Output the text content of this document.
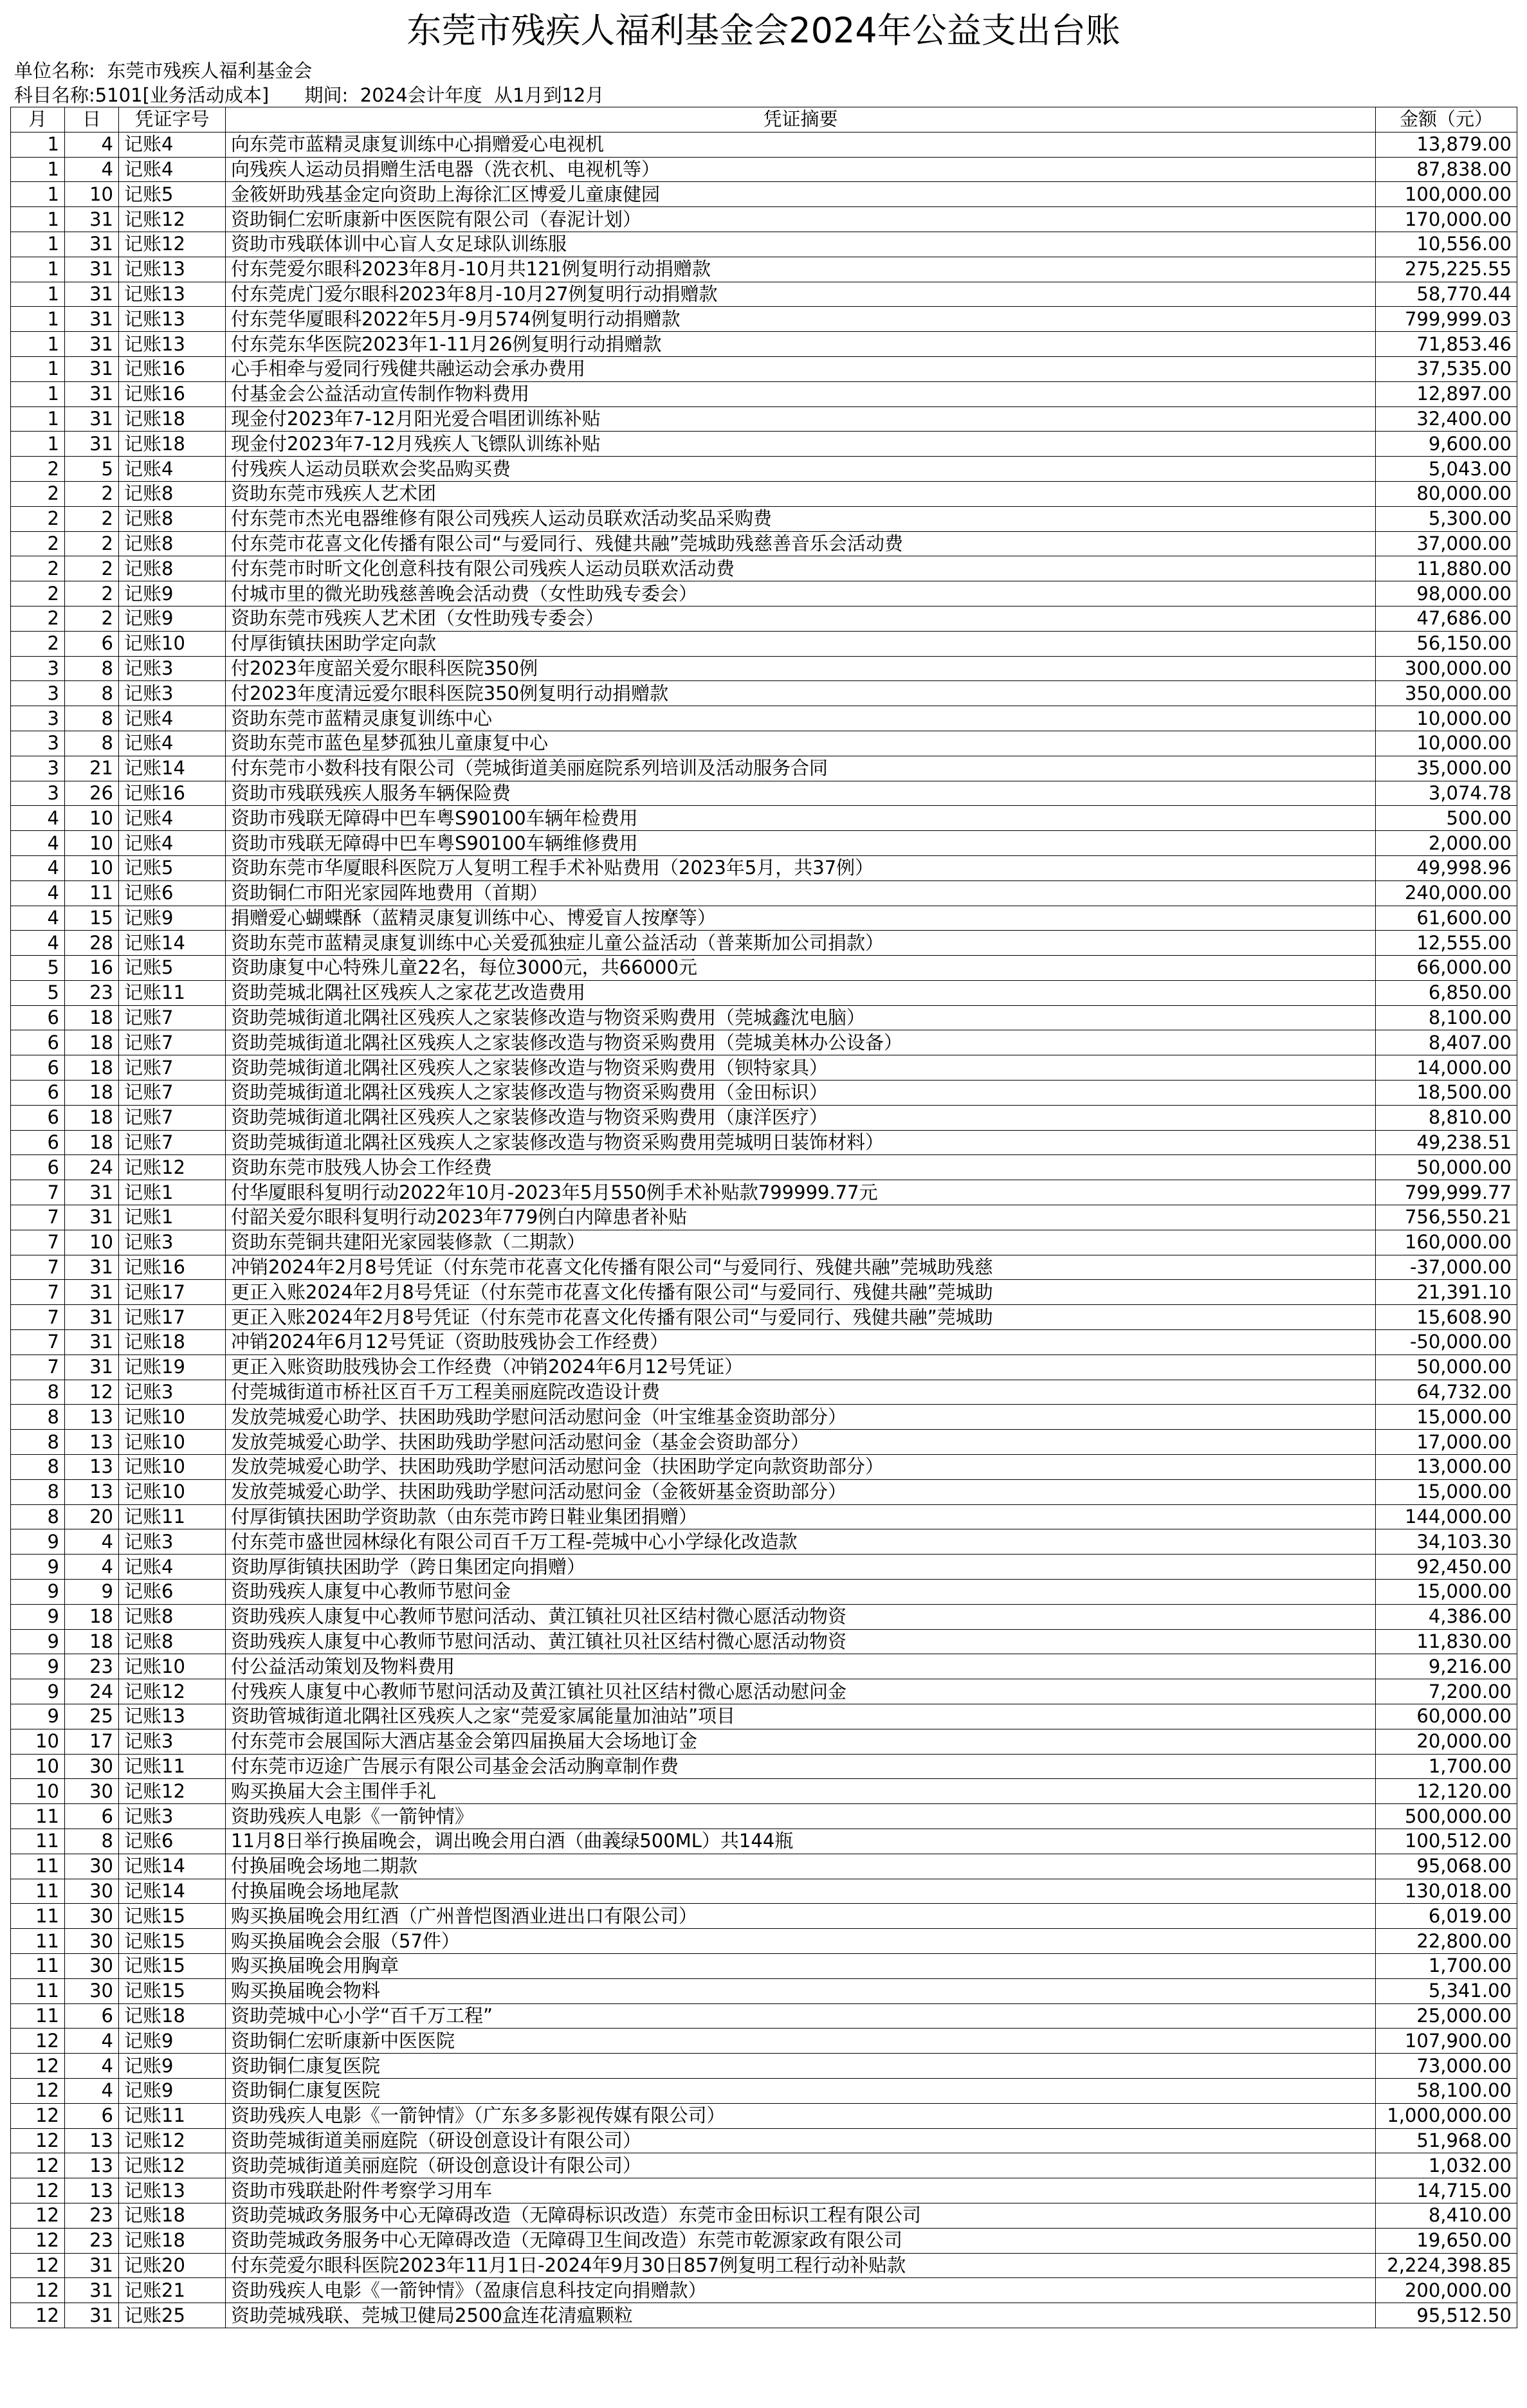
东莞市残疾人福利基金会2024年公益支出台账
单位名称: 东莞市残疾人福利基金会
科目名称:5101[业务活动成本] 期间: 2024会计年度  从1月到12月
月	日	凭证字号	凭证摘要	金额（元）
1	4	记账4	向东莞市蓝精灵康复训练中心捐赠爱心电视机	13,879.00
1	4	记账4	向残疾人运动员捐赠生活电器（洗衣机、电视机等）	87,838.00
1	10	记账5	金筱妍助残基金定向资助上海徐汇区博爱儿童康健园	100,000.00
1	31	记账12	资助铜仁宏昕康新中医医院有限公司（春泥计划）	170,000.00
1	31	记账12	资助市残联体训中心盲人女足球队训练服	10,556.00
1	31	记账13	付东莞爱尔眼科2023年8月-10月共121例复明行动捐赠款	275,225.55
1	31	记账13	付东莞虎门爱尔眼科2023年8月-10月27例复明行动捐赠款	58,770.44
1	31	记账13	付东莞华厦眼科2022年5月-9月574例复明行动捐赠款	799,999.03
1	31	记账13	付东莞东华医院2023年1-11月26例复明行动捐赠款	71,853.46
1	31	记账16	心手相牵与爱同行残健共融运动会承办费用	37,535.00
1	31	记账16	付基金会公益活动宣传制作物料费用	12,897.00
1	31	记账18	现金付2023年7-12月阳光爱合唱团训练补贴	32,400.00
1	31	记账18	现金付2023年7-12月残疾人飞镖队训练补贴	9,600.00
2	5	记账4	付残疾人运动员联欢会奖品购买费	5,043.00
2	2	记账8	资助东莞市残疾人艺术团	80,000.00
2	2	记账8	付东莞市杰光电器维修有限公司残疾人运动员联欢活动奖品采购费	5,300.00
2	2	记账8	付东莞市花喜文化传播有限公司“与爱同行、残健共融”莞城助残慈善音乐会活动费	37,000.00
2	2	记账8	付东莞市时昕文化创意科技有限公司残疾人运动员联欢活动费	11,880.00
2	2	记账9	付城市里的微光助残慈善晚会活动费（女性助残专委会）	98,000.00
2	2	记账9	资助东莞市残疾人艺术团（女性助残专委会）	47,686.00
2	6	记账10	付厚街镇扶困助学定向款	56,150.00
3	8	记账3	付2023年度韶关爱尔眼科医院350例	300,000.00
3	8	记账3	付2023年度清远爱尔眼科医院350例复明行动捐赠款	350,000.00
3	8	记账4	资助东莞市蓝精灵康复训练中心	10,000.00
3	8	记账4	资助东莞市蓝色星梦孤独儿童康复中心	10,000.00
3	21	记账14	付东莞市小数科技有限公司（莞城街道美丽庭院系列培训及活动服务合同	35,000.00
3	26	记账16	资助市残联残疾人服务车辆保险费	3,074.78
4	10	记账4	资助市残联无障碍中巴车粤S90100车辆年检费用	500.00
4	10	记账4	资助市残联无障碍中巴车粤S90100车辆维修费用	2,000.00
4	10	记账5	资助东莞市华厦眼科医院万人复明工程手术补贴费用（2023年5月，共37例）	49,998.96
4	11	记账6	资助铜仁市阳光家园阵地费用（首期）	240,000.00
4	15	记账9	捐赠爱心蝴蝶酥（蓝精灵康复训练中心、博爱盲人按摩等）	61,600.00
4	28	记账14	资助东莞市蓝精灵康复训练中心关爱孤独症儿童公益活动（普莱斯加公司捐款）	12,555.00
5	16	记账5	资助康复中心特殊儿童22名，每位3000元，共66000元	66,000.00
5	23	记账11	资助莞城北隅社区残疾人之家花艺改造费用	6,850.00
6	18	记账7	资助莞城街道北隅社区残疾人之家装修改造与物资采购费用（莞城鑫沈电脑）	8,100.00
6	18	记账7	资助莞城街道北隅社区残疾人之家装修改造与物资采购费用（莞城美林办公设备）	8,407.00
6	18	记账7	资助莞城街道北隅社区残疾人之家装修改造与物资采购费用（钡特家具）	14,000.00
6	18	记账7	资助莞城街道北隅社区残疾人之家装修改造与物资采购费用（金田标识）	18,500.00
6	18	记账7	资助莞城街道北隅社区残疾人之家装修改造与物资采购费用（康洋医疗）	8,810.00
6	18	记账7	资助莞城街道北隅社区残疾人之家装修改造与物资采购费用莞城明日装饰材料）	49,238.51
6	24	记账12	资助东莞市肢残人协会工作经费	50,000.00
7	31	记账1	付华厦眼科复明行动2022年10月-2023年5月550例手术补贴款799999.77元	799,999.77
7	31	记账1	付韶关爱尔眼科复明行动2023年779例白内障患者补贴	756,550.21
7	10	记账3	资助东莞铜共建阳光家园装修款（二期款）	160,000.00
7	31	记账16	冲销2024年2月8号凭证（付东莞市花喜文化传播有限公司“与爱同行、残健共融”莞城助残慈	-37,000.00
7	31	记账17	更正入账2024年2月8号凭证（付东莞市花喜文化传播有限公司“与爱同行、残健共融”莞城助	21,391.10
7	31	记账17	更正入账2024年2月8号凭证（付东莞市花喜文化传播有限公司“与爱同行、残健共融”莞城助	15,608.90
7	31	记账18	冲销2024年6月12号凭证（资助肢残协会工作经费）	-50,000.00
7	31	记账19	更正入账资助肢残协会工作经费（冲销2024年6月12号凭证）	50,000.00
8	12	记账3	付莞城街道市桥社区百千万工程美丽庭院改造设计费	64,732.00
8	13	记账10	发放莞城爱心助学、扶困助残助学慰问活动慰问金（叶宝维基金资助部分）	15,000.00
8	13	记账10	发放莞城爱心助学、扶困助残助学慰问活动慰问金（基金会资助部分）	17,000.00
8	13	记账10	发放莞城爱心助学、扶困助残助学慰问活动慰问金（扶困助学定向款资助部分）	13,000.00
8	13	记账10	发放莞城爱心助学、扶困助残助学慰问活动慰问金（金筱妍基金资助部分）	15,000.00
8	20	记账11	付厚街镇扶困助学资助款（由东莞市跨日鞋业集团捐赠）	144,000.00
9	4	记账3	付东莞市盛世园林绿化有限公司百千万工程-莞城中心小学绿化改造款	34,103.30
9	4	记账4	资助厚街镇扶困助学（跨日集团定向捐赠）	92,450.00
9	9	记账6	资助残疾人康复中心教师节慰问金	15,000.00
9	18	记账8	资助残疾人康复中心教师节慰问活动、黄江镇社贝社区结村微心愿活动物资	4,386.00
9	18	记账8	资助残疾人康复中心教师节慰问活动、黄江镇社贝社区结村微心愿活动物资	11,830.00
9	23	记账10	付公益活动策划及物料费用	9,216.00
9	24	记账12	付残疾人康复中心教师节慰问活动及黄江镇社贝社区结村微心愿活动慰问金	7,200.00
9	25	记账13	资助管城街道北隅社区残疾人之家“莞爱家属能量加油站”项目	60,000.00
10	17	记账3	付东莞市会展国际大酒店基金会第四届换届大会场地订金	20,000.00
10	30	记账11	付东莞市迈途广告展示有限公司基金会活动胸章制作费	1,700.00
10	30	记账12	购买换届大会主围伴手礼	12,120.00
11	6	记账3	资助残疾人电影《一箭钟情》	500,000.00
11	8	记账6	11月8日举行换届晚会，调出晚会用白酒（曲義绿500ML）共144瓶	100,512.00
11	30	记账14	付换届晚会场地二期款	95,068.00
11	30	记账14	付换届晚会场地尾款	130,018.00
11	30	记账15	购买换届晚会用红酒（广州普恺图酒业进出口有限公司）	6,019.00
11	30	记账15	购买换届晚会会服（57件）	22,800.00
11	30	记账15	购买换届晚会用胸章	1,700.00
11	30	记账15	购买换届晚会物料	5,341.00
11	6	记账18	资助莞城中心小学“百千万工程”	25,000.00
12	4	记账9	资助铜仁宏昕康新中医医院	107,900.00
12	4	记账9	资助铜仁康复医院	73,000.00
12	4	记账9	资助铜仁康复医院	58,100.00
12	6	记账11	资助残疾人电影《一箭钟情》（广东多多影视传媒有限公司）	1,000,000.00
12	13	记账12	资助莞城街道美丽庭院（研设创意设计有限公司）	51,968.00
12	13	记账12	资助莞城街道美丽庭院（研设创意设计有限公司）	1,032.00
12	13	记账13	资助市残联赴附件考察学习用车	14,715.00
12	23	记账18	资助莞城政务服务中心无障碍改造（无障碍标识改造）东莞市金田标识工程有限公司	8,410.00
12	23	记账18	资助莞城政务服务中心无障碍改造（无障碍卫生间改造）东莞市乾源家政有限公司	19,650.00
12	31	记账20	付东莞爱尔眼科医院2023年11月1日-2024年9月30日857例复明工程行动补贴款	2,224,398.85
12	31	记账21	资助残疾人电影《一箭钟情》（盈康信息科技定向捐赠款）	200,000.00
12	31	记账25	资助莞城残联、莞城卫健局2500盒连花清瘟颗粒	95,512.50
